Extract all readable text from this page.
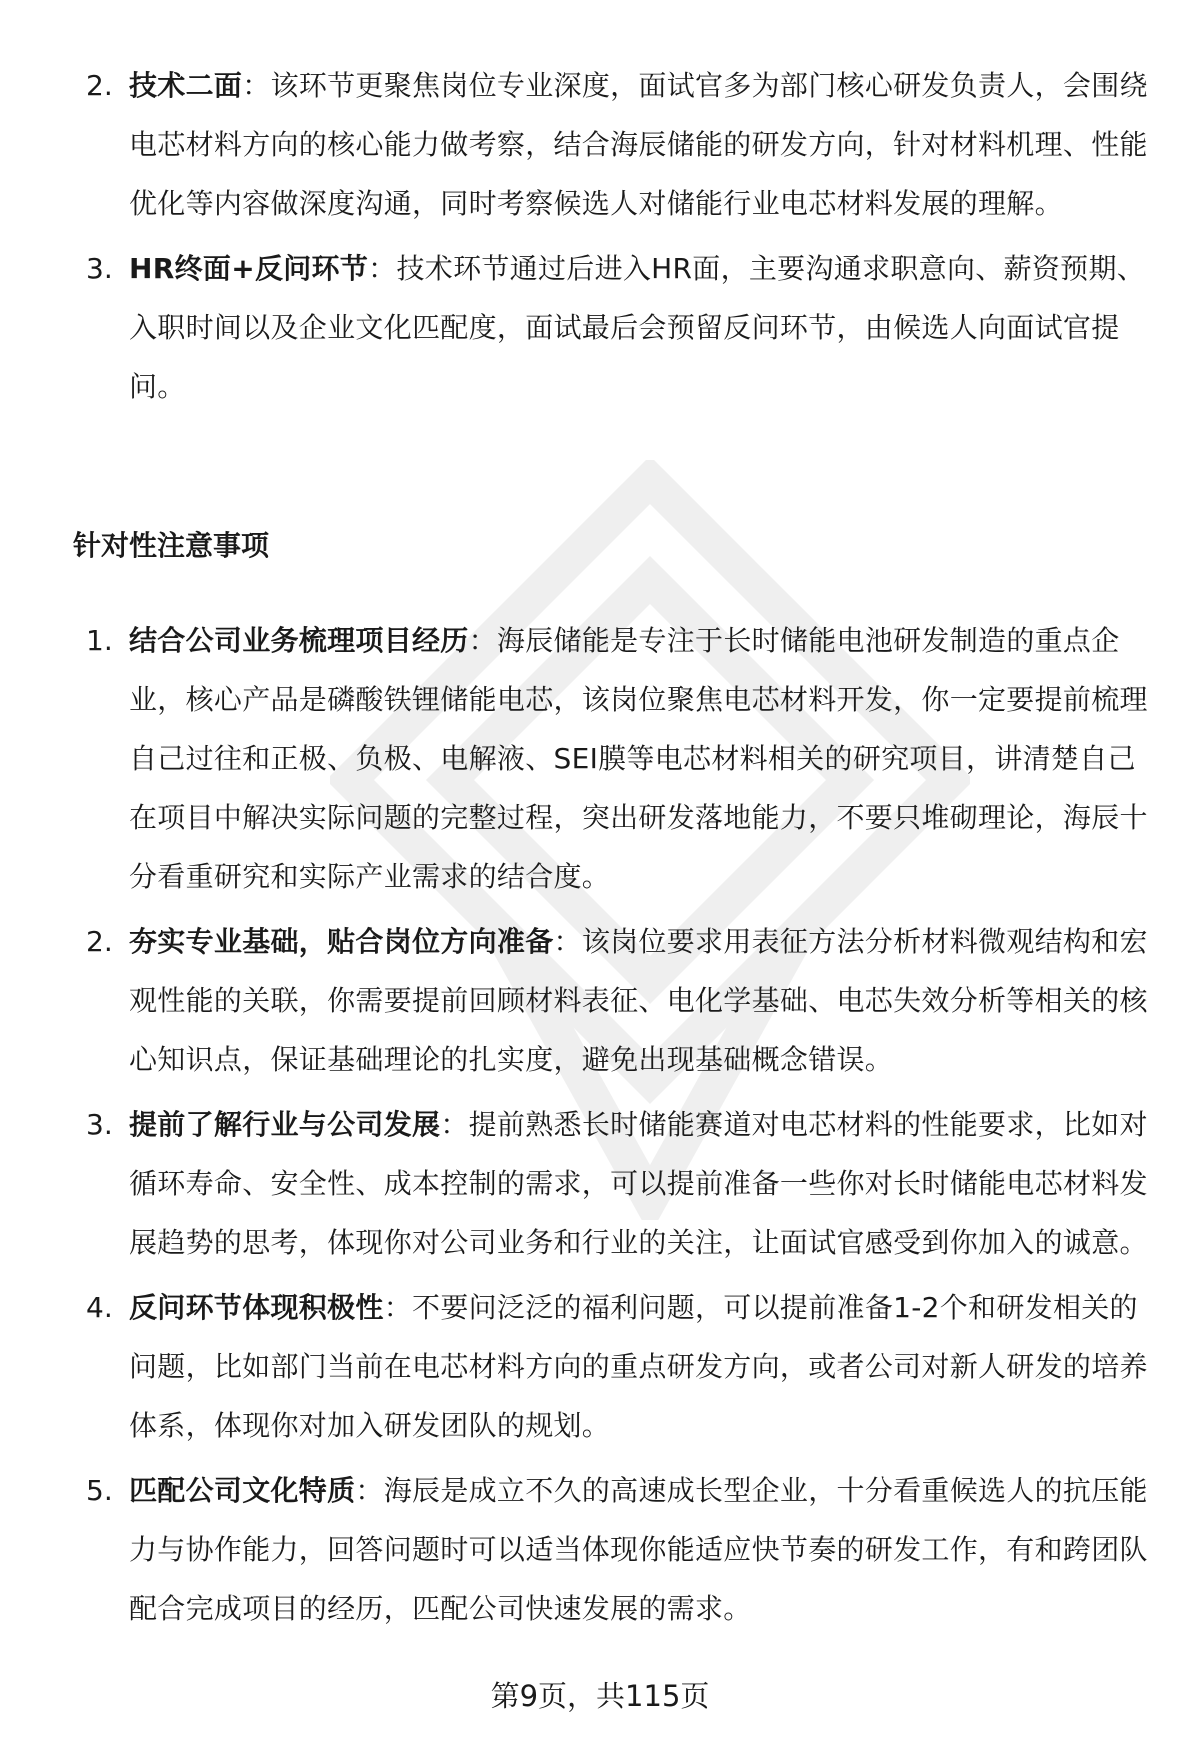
2. 技术二面：该环节更聚焦岗位专业深度，面试官多为部门核心研发负责人，会围绕电芯材料方向的核心能力做考察，结合海辰储能的研发方向，针对材料机理、性能优化等内容做深度沟通，同时考察候选人对储能行业电芯材料发展的理解。
3. HR终面+反问环节：技术环节通过后进入HR面，主要沟通求职意向、薪资预期、入职时间以及企业文化匹配度，面试最后会预留反问环节，由候选人向面试官提问。
针对性注意事项
1. 结合公司业务梳理项目经历：海辰储能是专注于长时储能电池研发制造的重点企业，核心产品是磷酸铁锂储能电芯，该岗位聚焦电芯材料开发，你一定要提前梳理自己过往和正极、负极、电解液、SEI膜等电芯材料相关的研究项目，讲清楚自己在项目中解决实际问题的完整过程，突出研发落地能力，不要只堆砌理论，海辰十分看重研究和实际产业需求的结合度。
2. 夯实专业基础，贴合岗位方向准备：该岗位要求用表征方法分析材料微观结构和宏观性能的关联，你需要提前回顾材料表征、电化学基础、电芯失效分析等相关的核心知识点，保证基础理论的扎实度，避免出现基础概念错误。
3. 提前了解行业与公司发展：提前熟悉长时储能赛道对电芯材料的性能要求，比如对循环寿命、安全性、成本控制的需求，可以提前准备一些你对长时储能电芯材料发展趋势的思考，体现你对公司业务和行业的关注，让面试官感受到你加入的诚意。
4. 反问环节体现积极性：不要问泛泛的福利问题，可以提前准备1-2个和研发相关的问题，比如部门当前在电芯材料方向的重点研发方向，或者公司对新人研发的培养体系，体现你对加入研发团队的规划。
5. 匹配公司文化特质：海辰是成立不久的高速成长型企业，十分看重候选人的抗压能力与协作能力，回答问题时可以适当体现你能适应快节奏的研发工作，有和跨团队配合完成项目的经历，匹配公司快速发展的需求。
第9页，共115页
